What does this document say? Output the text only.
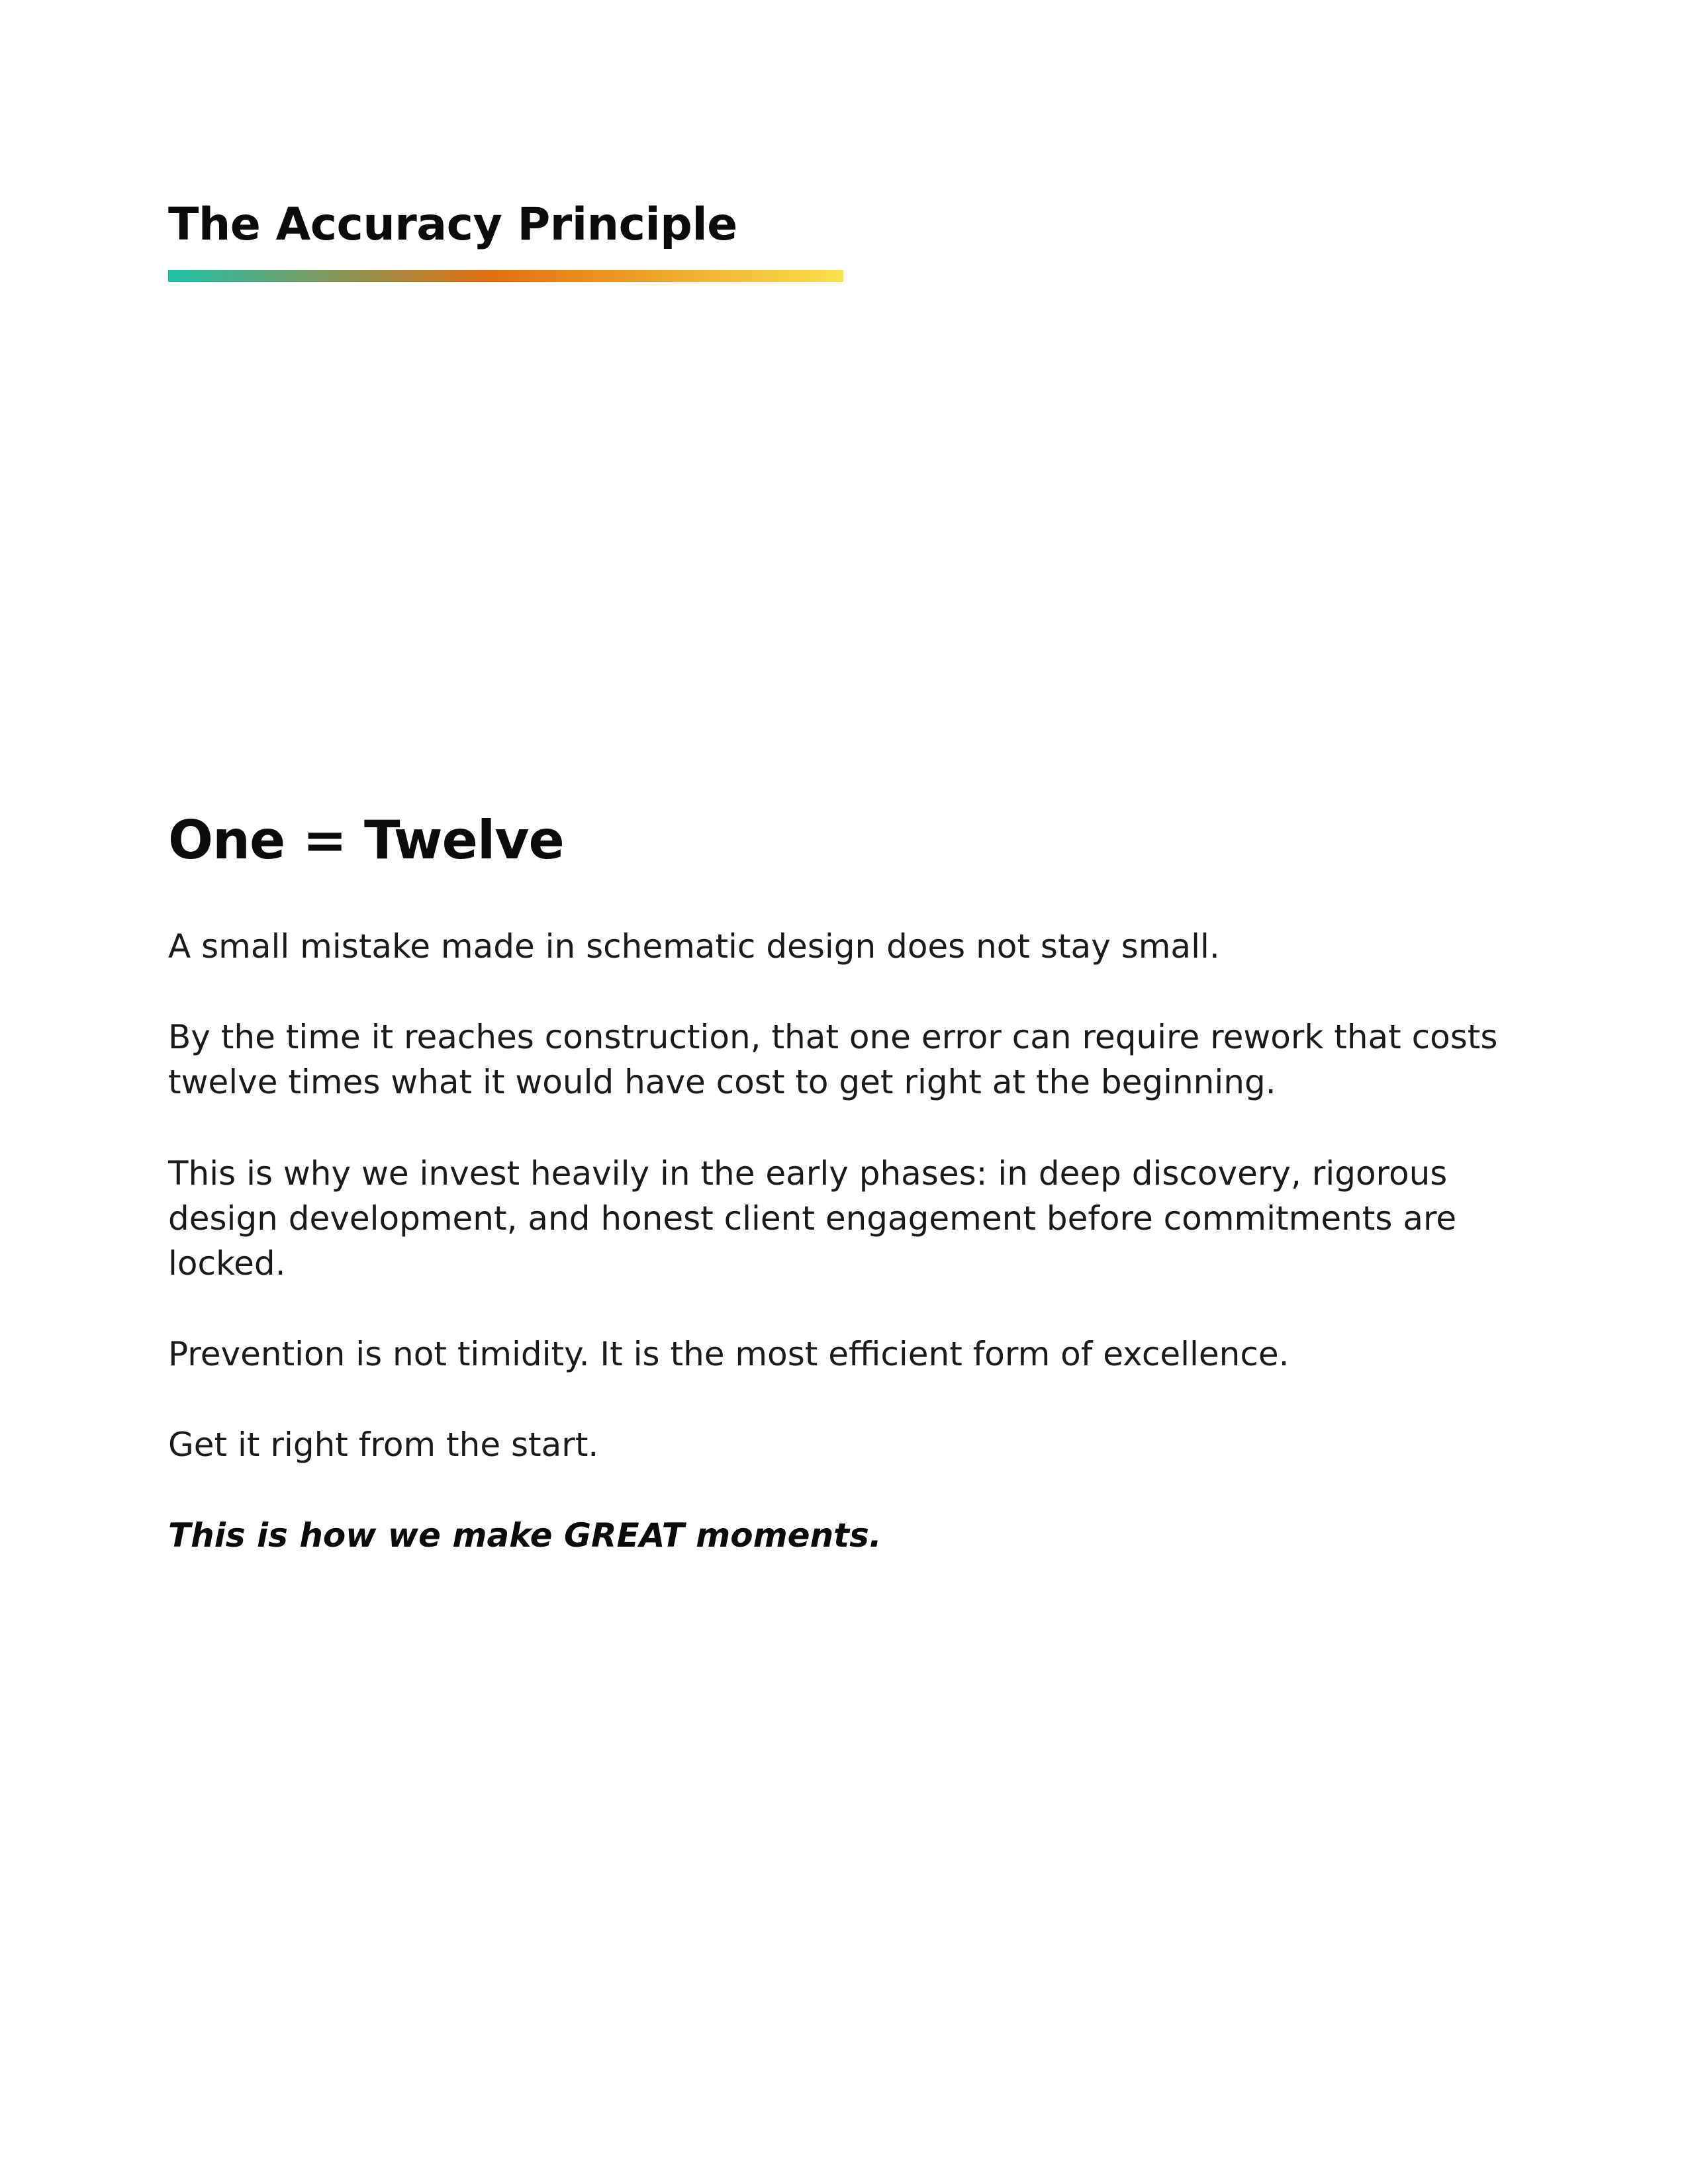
The Accuracy Principle
One = Twelve

A small mistake made in schematic design does not stay small.

By the time it reaches construction, that one error can require rework that costs twelve times what it would have cost to get right at the beginning.

This is why we invest heavily in the early phases: in deep discovery, rigorous design development, and honest client engagement before commitments are locked.

Prevention is not timidity. It is the most efficient form of excellence.

Get it right from the start.

This is how we make GREAT moments.
